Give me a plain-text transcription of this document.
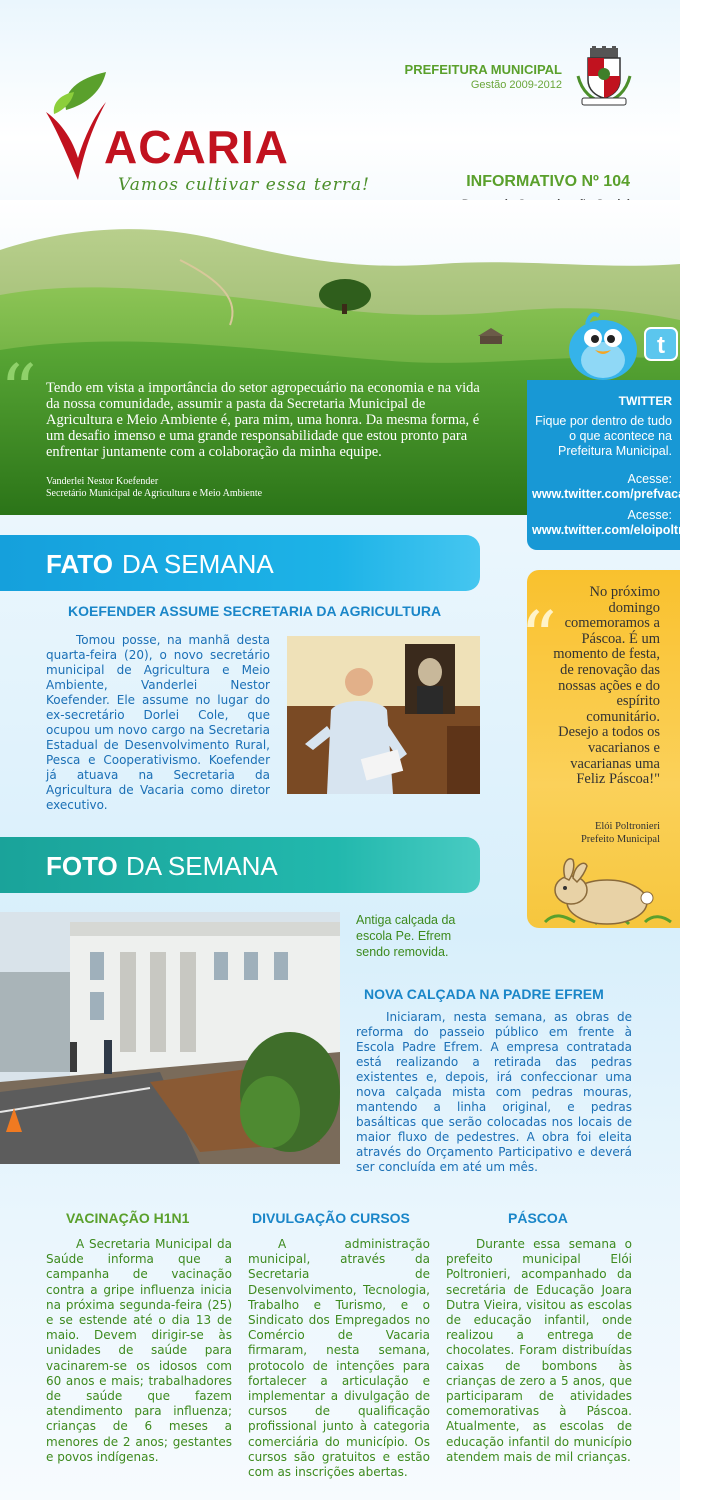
ACARIA
Vamos cultivar essa terra!
PREFEITURA MUNICIPAL
Gestão 2009-2012
INFORMATIVO Nº 104
“ Tendo em vista a importância do setor agropecuário na economia e na vida da nossa comunidade, assumir a pasta da Secretaria Municipal de Agricultura e Meio Ambiente é, para mim, uma honra. Da mesma forma, é um desafio imenso e uma grande responsabilidade que estou pronto para enfrentar juntamente com a colaboração da minha equipe.
Vanderlei Nestor Koefender
Secretário Municipal de Agricultura e Meio Ambiente
t
TWITTER
Fique por dentro de tudo o que acontece na Prefeitura Municipal.
Acesse: www.twitter.com/prefvacaria
Acesse: www.twitter.com/eloipoltronieri
FATO DA SEMANA
KOEFENDER ASSUME SECRETARIA DA AGRICULTURA
Tomou posse, na manhã desta quarta-feira (20), o novo secretário municipal de Agricultura e Meio Ambiente, Vanderlei Nestor Koefender. Ele assume no lugar do ex-secretário Dorlei Cole, que ocupou um novo cargo na Secretaria Estadual de Desenvolvimento Rural, Pesca e Cooperativismo. Koefender já atuava na Secretaria da Agricultura de Vacaria como diretor executivo.
“
No próximo domingo comemoramos a Páscoa. É um momento de festa, de renovação das nossas ações e do espírito comunitário. Desejo a todos os vacarianos e vacarianas uma Feliz Páscoa!"
Elói Poltronieri
Prefeito Municipal
FOTO DA SEMANA
Antiga calçada da escola Pe. Efrem sendo removida.
NOVA CALÇADA NA PADRE EFREM
Iniciaram, nesta semana, as obras de reforma do passeio público em frente à Escola Padre Efrem. A empresa contratada está realizando a retirada das pedras existentes e, depois, irá confeccionar uma nova calçada mista com pedras mouras, mantendo a linha original, e pedras basálticas que serão colocadas nos locais de maior fluxo de pedestres. A obra foi eleita através do Orçamento Participativo e deverá ser concluída em até um mês.
VACINAÇÃO H1N1
A Secretaria Municipal da Saúde informa que a campanha de vacinação contra a gripe influenza inicia na próxima segunda-feira (25) e se estende até o dia 13 de maio. Devem dirigir-se às unidades de saúde para vacinarem-se os idosos com 60 anos e mais; trabalhadores de saúde que fazem atendimento para influenza; crianças de 6 meses a menores de 2 anos; gestantes e povos indígenas.
DIVULGAÇÃO CURSOS
A administração municipal, através da Secretaria de Desenvolvimento, Tecnologia, Trabalho e Turismo, e o Sindicato dos Empregados no Comércio de Vacaria firmaram, nesta semana, protocolo de intenções para fortalecer a articulação e implementar a divulgação de cursos de qualificação profissional junto à categoria comerciária do município. Os cursos são gratuitos e estão com as inscrições abertas.
PÁSCOA
Durante essa semana o prefeito municipal Elói Poltronieri, acompanhado da secretária de Educação Joara Dutra Vieira, visitou as escolas de educação infantil, onde realizou a entrega de chocolates. Foram distribuídas caixas de bombons às crianças de zero a 5 anos, que participaram de atividades comemorativas à Páscoa. Atualmente, as escolas de educação infantil do município atendem mais de mil crianças.
